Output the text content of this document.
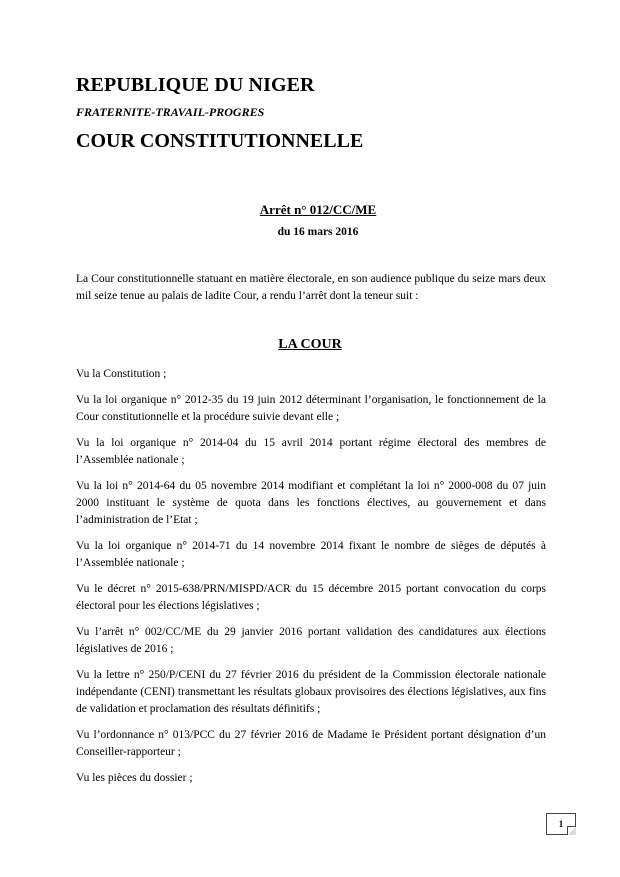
REPUBLIQUE DU NIGER
FRATERNITE-TRAVAIL-PROGRES
COUR CONSTITUTIONNELLE
Arrêt n° 012/CC/ME
du 16 mars 2016
La Cour constitutionnelle statuant en matière électorale, en son audience publique du seize mars deux mil seize tenue au palais de ladite Cour, a rendu l’arrêt dont la teneur suit :
LA COUR

Vu la Constitution ;

Vu la loi organique n° 2012-35 du 19 juin 2012 déterminant l’organisation, le fonctionnement de la Cour constitutionnelle et la procédure suivie devant elle ;

Vu la loi organique n° 2014-04 du 15 avril 2014 portant régime électoral des membres de l’Assemblée nationale ;

Vu la loi n° 2014-64 du 05 novembre 2014 modifiant et complétant la loi n° 2000-008 du 07 juin 2000 instituant le système de quota dans les fonctions électives, au gouvernement et dans l’administration de l’Etat ;

Vu la loi organique n° 2014-71 du 14 novembre 2014 fixant le nombre de sièges de députés à l’Assemblée nationale ;

Vu le décret n° 2015-638/PRN/MISPD/ACR du 15 décembre 2015 portant convocation du corps électoral pour les élections législatives ;

Vu l’arrêt n° 002/CC/ME du 29 janvier 2016 portant validation des candidatures aux élections législatives de 2016 ;

Vu la lettre n° 250/P/CENI du 27 février 2016 du président de la Commission électorale nationale indépendante (CENI) transmettant les résultats globaux provisoires des élections législatives, aux fins de validation et proclamation des résultats définitifs ;

Vu l’ordonnance n° 013/PCC du 27 février 2016 de Madame le Président portant désignation d’un Conseiller-rapporteur ;

Vu les pièces du dossier ;

1
